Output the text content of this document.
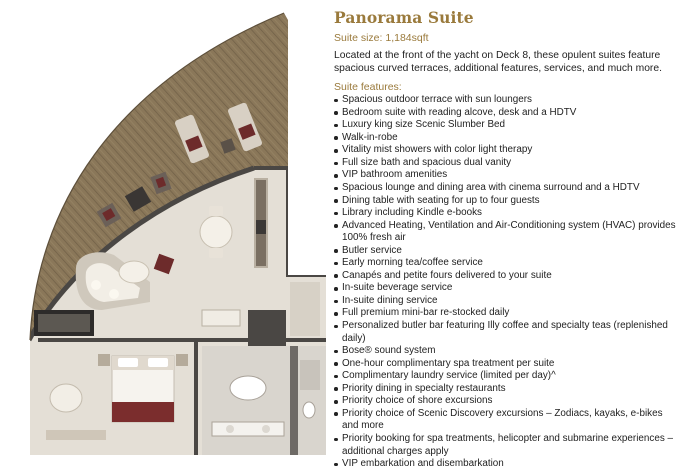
Panorama Suite

Suite size: 1,184sqft

Located at the front of the yacht on Deck 8, these opulent suites feature spacious curved terraces, additional features, services, and much more.

Suite features:

Spacious outdoor terrace with sun loungers
Bedroom suite with reading alcove, desk and a HDTV
Luxury king size Scenic Slumber Bed
Walk-in-robe
Vitality mist showers with color light therapy
Full size bath and spacious dual vanity
VIP bathroom amenities
Spacious lounge and dining area with cinema surround and a HDTV
Dining table with seating for up to four guests
Library including Kindle e-books
Advanced Heating, Ventilation and Air-Conditioning system (HVAC) provides 100% fresh air
Butler service
Early morning tea/coffee service
Canapés and petite fours delivered to your suite
In-suite beverage service
In-suite dining service
Full premium mini-bar re-stocked daily
Personalized butler bar featuring Illy coffee and specialty teas (replenished daily)
Bose® sound system
One-hour complimentary spa treatment per suite
Complimentary laundry service (limited per day)^
Priority dining in specialty restaurants
Priority choice of shore excursions
Priority choice of Scenic Discovery excursions – Zodiacs, kayaks, e-bikes and more
Priority booking for spa treatments, helicopter and submarine experiences – additional charges apply
VIP embarkation and disembarkation
